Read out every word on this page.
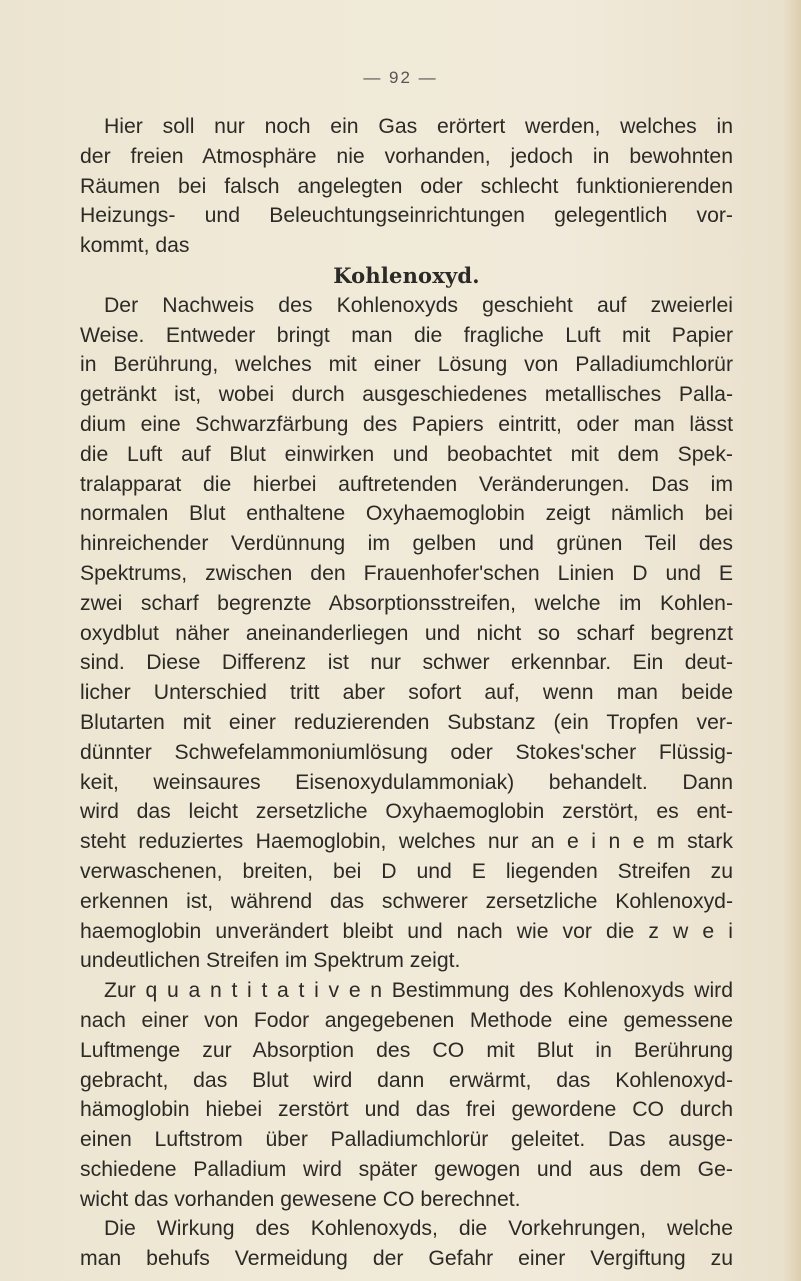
— 92 —
Hier soll nur noch ein Gas erörtert werden, welches in
der freien Atmosphäre nie vorhanden, jedoch in bewohnten
Räumen bei falsch angelegten oder schlecht funktionierenden
Heizungs- und Beleuchtungseinrichtungen gelegentlich vor-
kommt, das
Kohlenoxyd.
Der Nachweis des Kohlenoxyds geschieht auf zweierlei
Weise. Entweder bringt man die fragliche Luft mit Papier
in Berührung, welches mit einer Lösung von Palladiumchlorür
getränkt ist, wobei durch ausgeschiedenes metallisches Palla-
dium eine Schwarzfärbung des Papiers eintritt, oder man lässt
die Luft auf Blut einwirken und beobachtet mit dem Spek-
tralapparat die hierbei auftretenden Veränderungen. Das im
normalen Blut enthaltene Oxyhaemoglobin zeigt nämlich bei
hinreichender Verdünnung im gelben und grünen Teil des
Spektrums, zwischen den Frauenhofer'schen Linien D und E
zwei scharf begrenzte Absorptionsstreifen, welche im Kohlen-
oxydblut näher aneinanderliegen und nicht so scharf begrenzt
sind. Diese Differenz ist nur schwer erkennbar. Ein deut-
licher Unterschied tritt aber sofort auf, wenn man beide
Blutarten mit einer reduzierenden Substanz (ein Tropfen ver-
dünnter Schwefelammoniumlösung oder Stokes'scher Flüssig-
keit, weinsaures Eisenoxydulammoniak) behandelt. Dann
wird das leicht zersetzliche Oxyhaemoglobin zerstört, es ent-
steht reduziertes Haemoglobin, welches nur an e i n e m stark
verwaschenen, breiten, bei D und E liegenden Streifen zu
erkennen ist, während das schwerer zersetzliche Kohlenoxyd-
haemoglobin unverändert bleibt und nach wie vor die z w e i
undeutlichen Streifen im Spektrum zeigt.
Zur q u a n t i t a t i v e n Bestimmung des Kohlenoxyds wird
nach einer von Fodor angegebenen Methode eine gemessene
Luftmenge zur Absorption des CO mit Blut in Berührung
gebracht, das Blut wird dann erwärmt, das Kohlenoxyd-
hämoglobin hiebei zerstört und das frei gewordene CO durch
einen Luftstrom über Palladiumchlorür geleitet. Das ausge-
schiedene Palladium wird später gewogen und aus dem Ge-
wicht das vorhanden gewesene CO berechnet.
Die Wirkung des Kohlenoxyds, die Vorkehrungen, welche
man behufs Vermeidung der Gefahr einer Vergiftung zu
